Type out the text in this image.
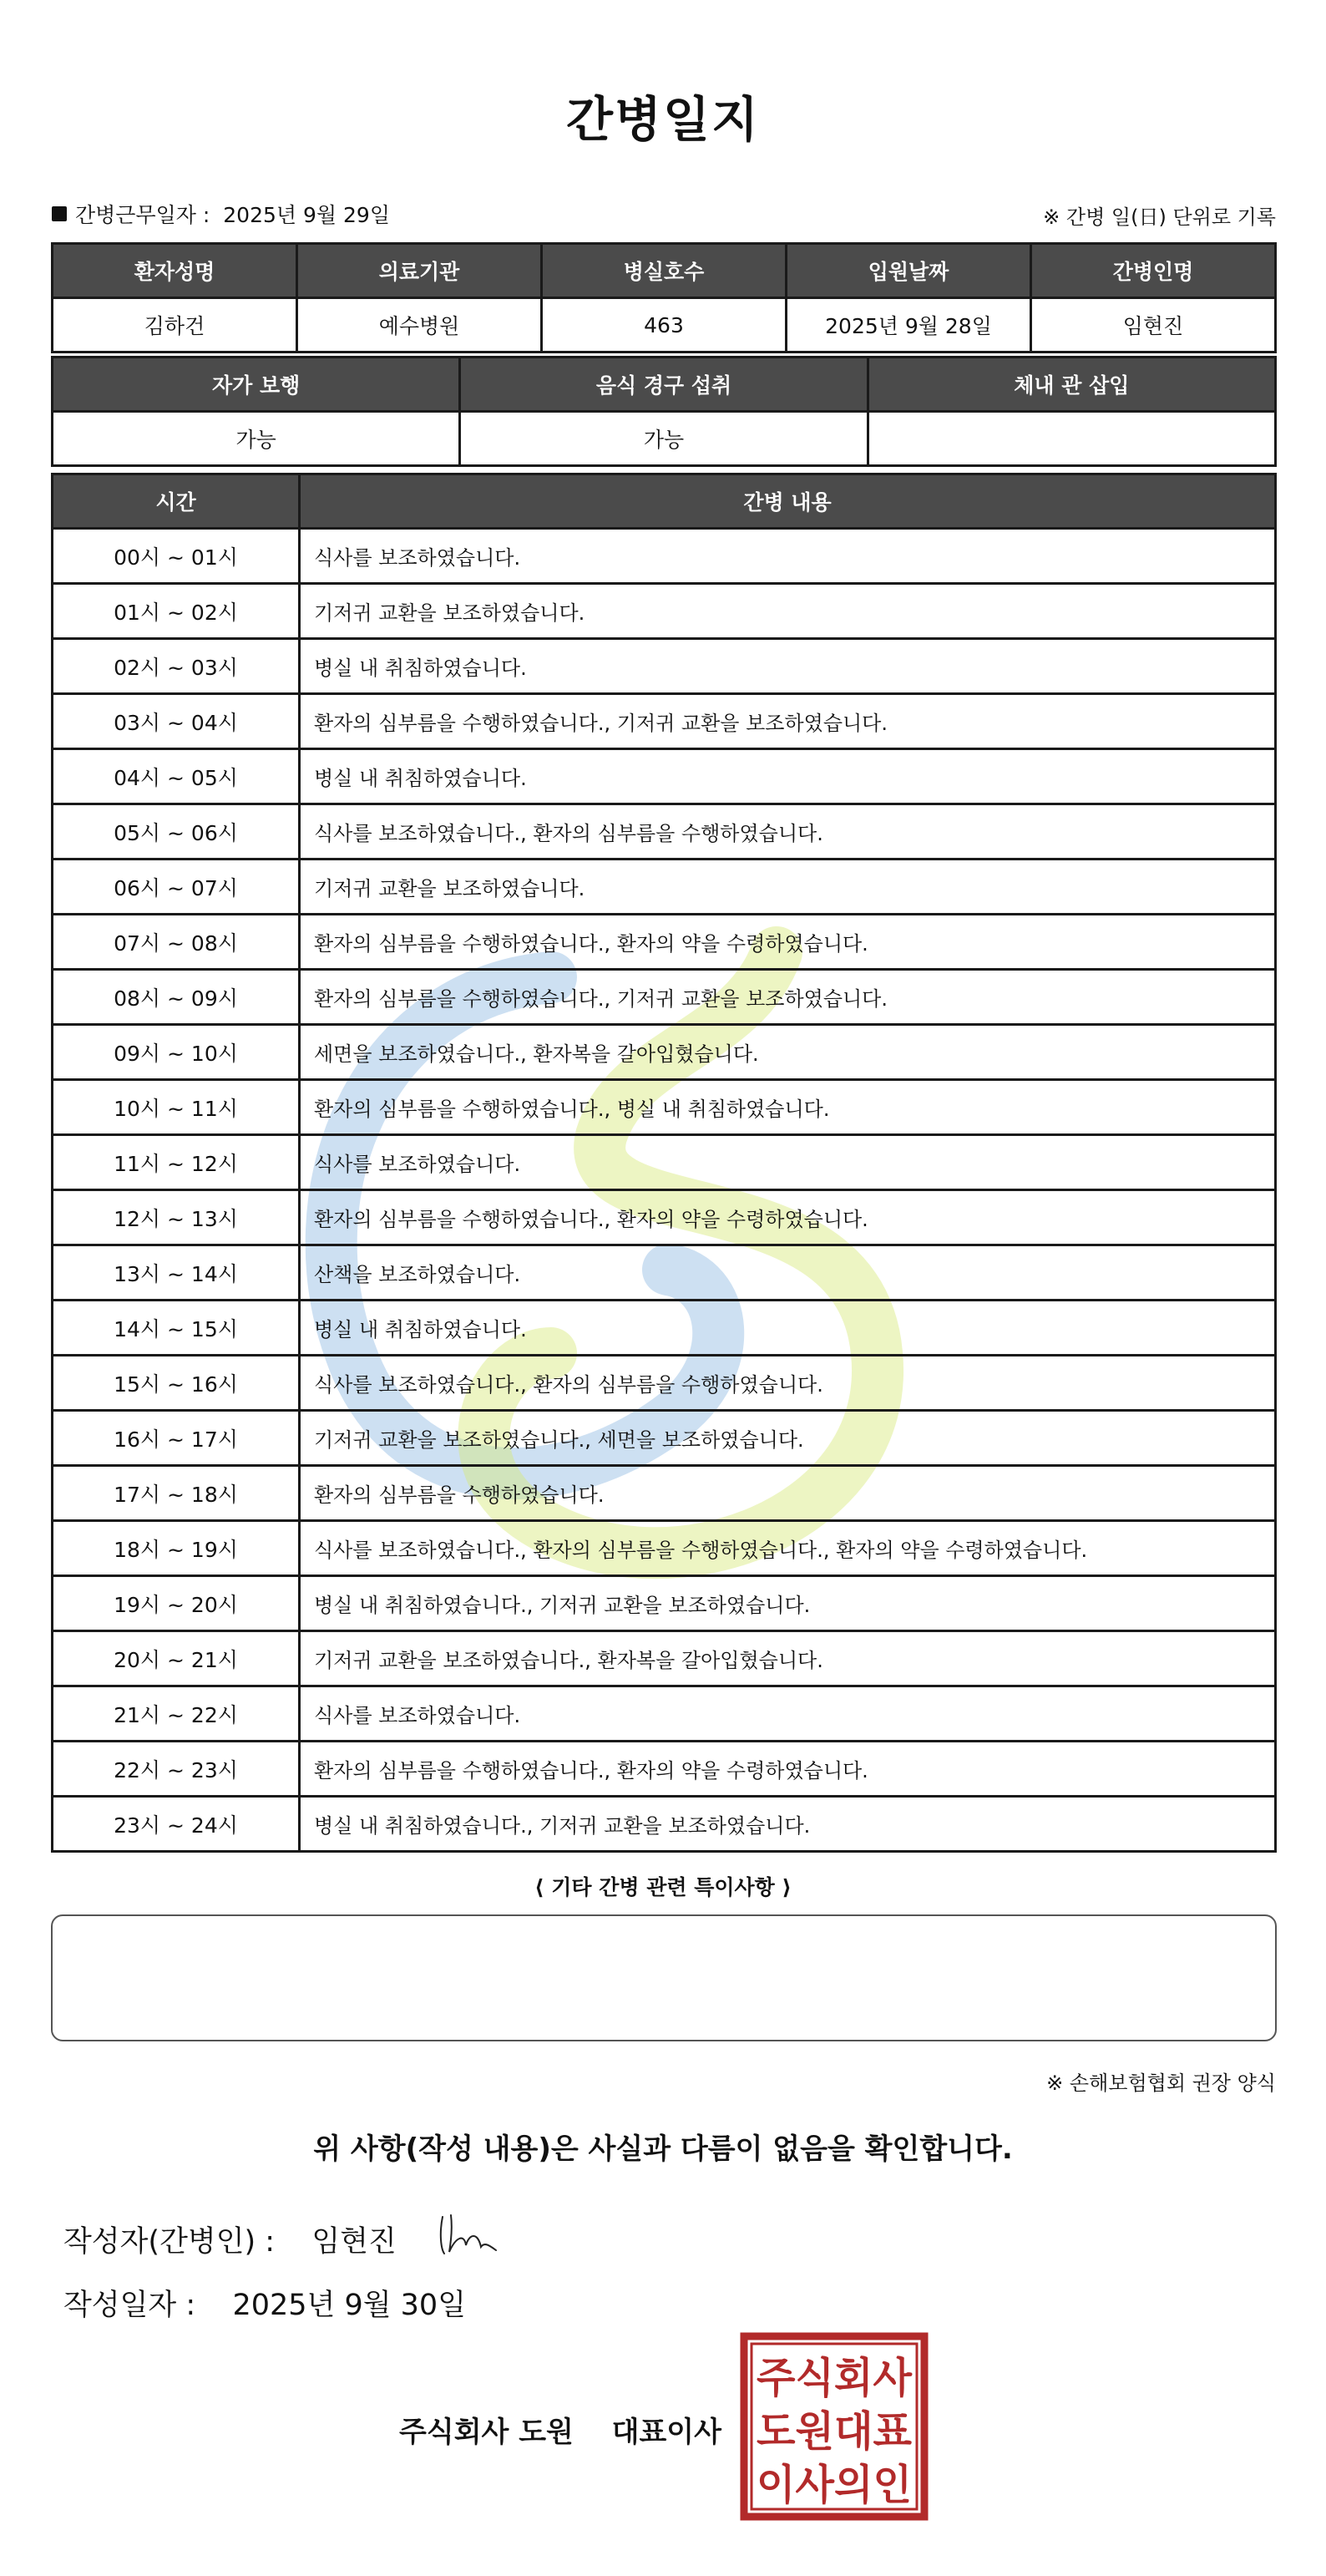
간병일지
간병근무일자 : 2025년 9월 29일	※ 간병 일(日) 단위로 기록
환자성명	의료기관	병실호수	입원날짜	간병인명
김하건	예수병원	463	2025년 9월 28일	임현진
자가 보행	음식 경구 섭취	체내 관 삽입
가능	가능	
시간	간병 내용
00시 ~ 01시	식사를 보조하였습니다.
01시 ~ 02시	기저귀 교환을 보조하였습니다.
02시 ~ 03시	병실 내 취침하였습니다.
03시 ~ 04시	환자의 심부름을 수행하였습니다., 기저귀 교환을 보조하였습니다.
04시 ~ 05시	병실 내 취침하였습니다.
05시 ~ 06시	식사를 보조하였습니다., 환자의 심부름을 수행하였습니다.
06시 ~ 07시	기저귀 교환을 보조하였습니다.
07시 ~ 08시	환자의 심부름을 수행하였습니다., 환자의 약을 수령하였습니다.
08시 ~ 09시	환자의 심부름을 수행하였습니다., 기저귀 교환을 보조하였습니다.
09시 ~ 10시	세면을 보조하였습니다., 환자복을 갈아입혔습니다.
10시 ~ 11시	환자의 심부름을 수행하였습니다., 병실 내 취침하였습니다.
11시 ~ 12시	식사를 보조하였습니다.
12시 ~ 13시	환자의 심부름을 수행하였습니다., 환자의 약을 수령하였습니다.
13시 ~ 14시	산책을 보조하였습니다.
14시 ~ 15시	병실 내 취침하였습니다.
15시 ~ 16시	식사를 보조하였습니다., 환자의 심부름을 수행하였습니다.
16시 ~ 17시	기저귀 교환을 보조하였습니다., 세면을 보조하였습니다.
17시 ~ 18시	환자의 심부름을 수행하였습니다.
18시 ~ 19시	식사를 보조하였습니다., 환자의 심부름을 수행하였습니다., 환자의 약을 수령하였습니다.
19시 ~ 20시	병실 내 취침하였습니다., 기저귀 교환을 보조하였습니다.
20시 ~ 21시	기저귀 교환을 보조하였습니다., 환자복을 갈아입혔습니다.
21시 ~ 22시	식사를 보조하였습니다.
22시 ~ 23시	환자의 심부름을 수행하였습니다., 환자의 약을 수령하였습니다.
23시 ~ 24시	병실 내 취침하였습니다., 기저귀 교환을 보조하였습니다.
⟨ 기타 간병 관련 특이사항 ⟩
※ 손해보험협회 권장 양식
위 사항(작성 내용)은 사실과 다름이 없음을 확인합니다.
작성자(간병인) : 임현진
작성일자 : 2025년 9월 30일
주식회사 도원 대표이사
주식회사
도원대표
이사의인
